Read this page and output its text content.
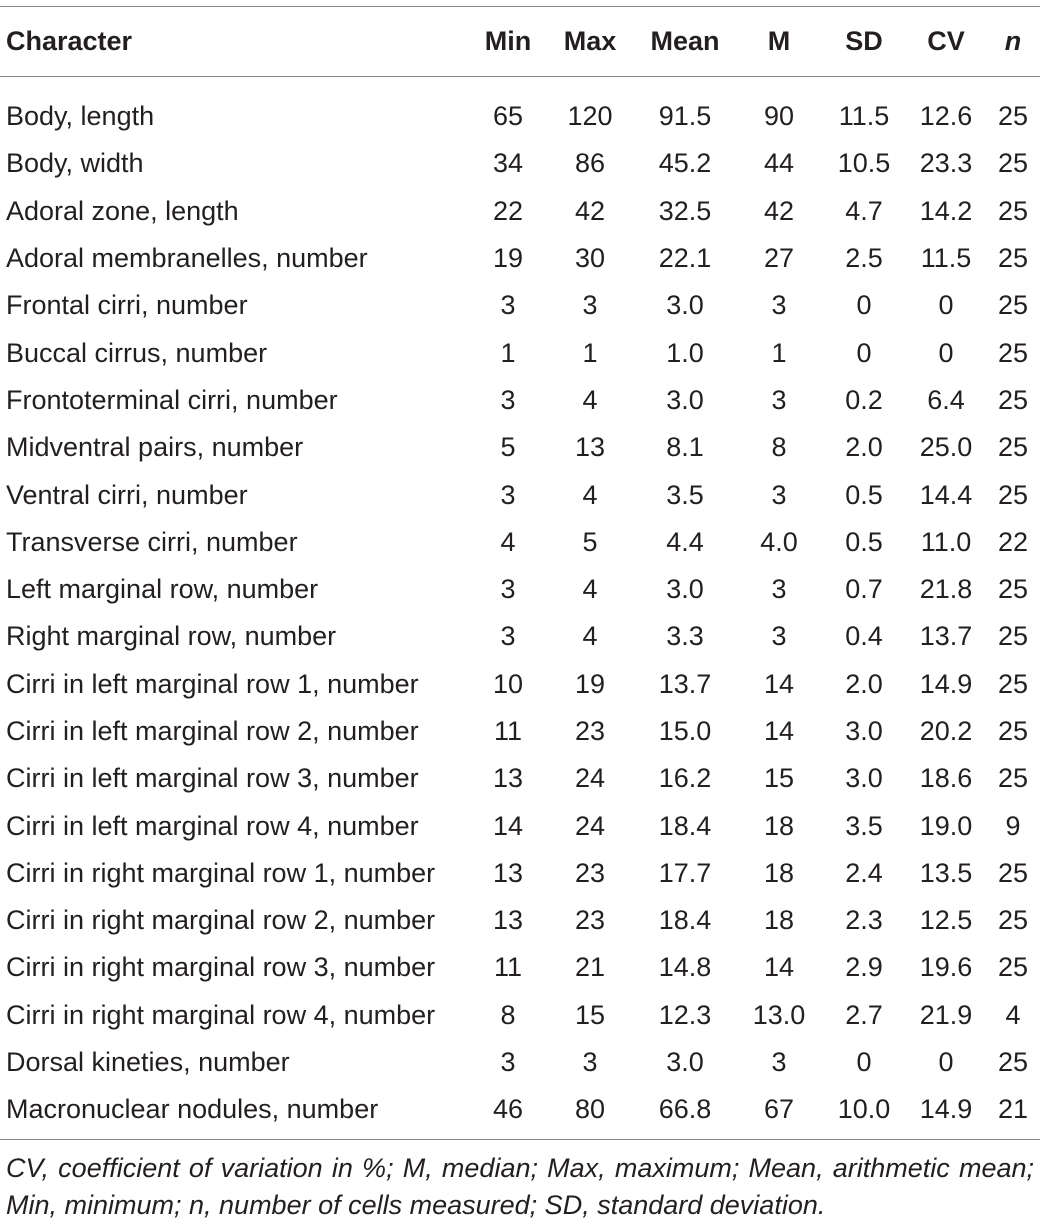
Character	Min	Max	Mean	M	SD	CV	n
Body, length	65	120	91.5	90	11.5	12.6	25
Body, width	34	86	45.2	44	10.5	23.3	25
Adoral zone, length	22	42	32.5	42	4.7	14.2	25
Adoral membranelles, number	19	30	22.1	27	2.5	11.5	25
Frontal cirri, number	3	3	3.0	3	0	0	25
Buccal cirrus, number	1	1	1.0	1	0	0	25
Frontoterminal cirri, number	3	4	3.0	3	0.2	6.4	25
Midventral pairs, number	5	13	8.1	8	2.0	25.0	25
Ventral cirri, number	3	4	3.5	3	0.5	14.4	25
Transverse cirri, number	4	5	4.4	4.0	0.5	11.0	22
Left marginal row, number	3	4	3.0	3	0.7	21.8	25
Right marginal row, number	3	4	3.3	3	0.4	13.7	25
Cirri in left marginal row 1, number	10	19	13.7	14	2.0	14.9	25
Cirri in left marginal row 2, number	11	23	15.0	14	3.0	20.2	25
Cirri in left marginal row 3, number	13	24	16.2	15	3.0	18.6	25
Cirri in left marginal row 4, number	14	24	18.4	18	3.5	19.0	9
Cirri in right marginal row 1, number	13	23	17.7	18	2.4	13.5	25
Cirri in right marginal row 2, number	13	23	18.4	18	2.3	12.5	25
Cirri in right marginal row 3, number	11	21	14.8	14	2.9	19.6	25
Cirri in right marginal row 4, number	8	15	12.3	13.0	2.7	21.9	4
Dorsal kineties, number	3	3	3.0	3	0	0	25
Macronuclear nodules, number	46	80	66.8	67	10.0	14.9	21
CV, coefficient of variation in %; M, median; Max, maximum; Mean, arithmetic mean; Min, minimum; n, number of cells measured; SD, standard deviation.
